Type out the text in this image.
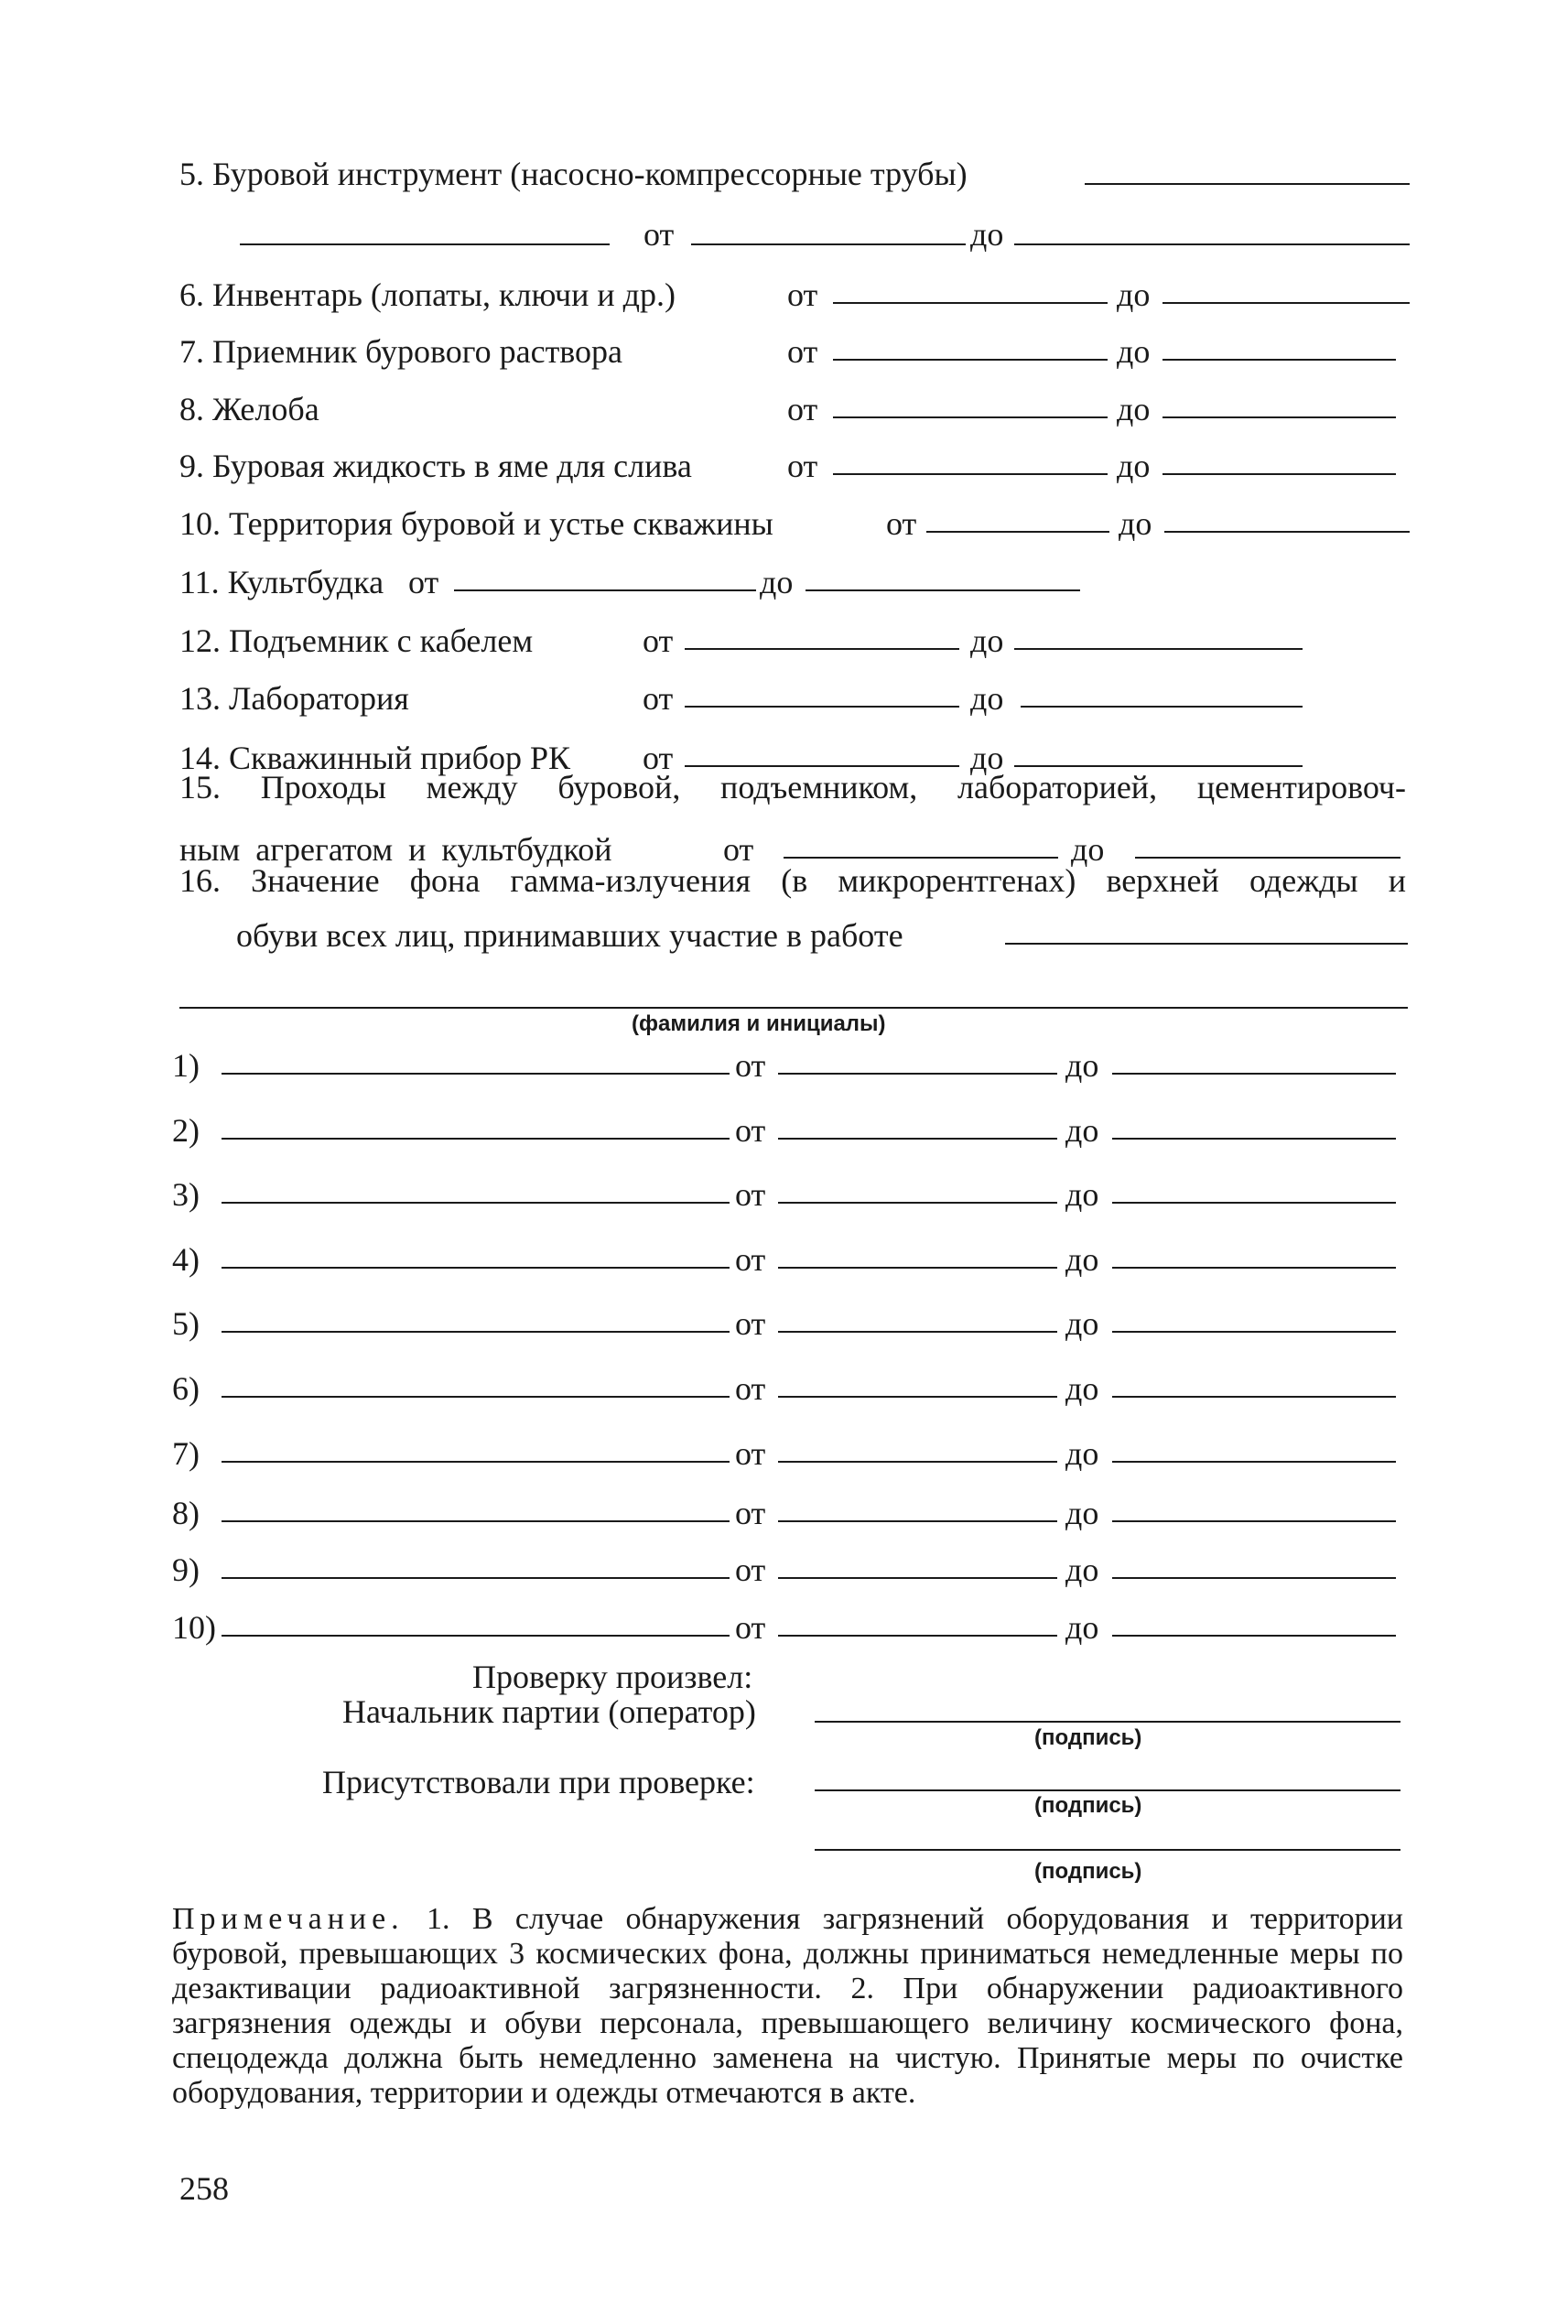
5. Буровой инструмент (насосно-компрессорные трубы)
от	до
6. Инвентарь (лопаты, ключи и др.)	от	до
7. Приемник бурового раствора	от	до
8. Желоба	от	до
9. Буровая жидкость в яме для слива	от	до
10. Территория буровой и устье скважины	от	до
11. Культбудка от	до
12. Подъемник с кабелем	от	до
13. Лаборатория	от	до
14. Скважинный прибор РК от	до
15. Проходы между буровой, подъемником, лабораторией, цементировоч-
ным агрегатом и культбудкой	от	до
16. Значение фона гамма-излучения (в микрорентгенах) верхней одежды и
обуви всех лиц, принимавших участие в работе
(фамилия и инициалы)
1)	от	до
2)	от	до
3)	от	до
4)	от	до
5)	от	до
6)	от	до
7)	от	до
8)	от	до
9)	от	до
10)	от	до
Проверку произвел:
Начальник партии (оператор)
(подпись)
Присутствовали при проверке:
(подпись)
(подпись)
Примечание. 1. В случае обнаружения загрязнений оборудования и территории буровой, превышающих 3 космических фона, должны приниматься немедленные меры по дезактивации радиоактивной загрязненности. 2. При обнаружении радиоактивного загрязнения одежды и обуви персонала, превышающего величину космического фона, спецодежда должна быть немедленно заменена на чистую. Принятые меры по очистке оборудования, территории и одежды отмечаются в акте.
258
